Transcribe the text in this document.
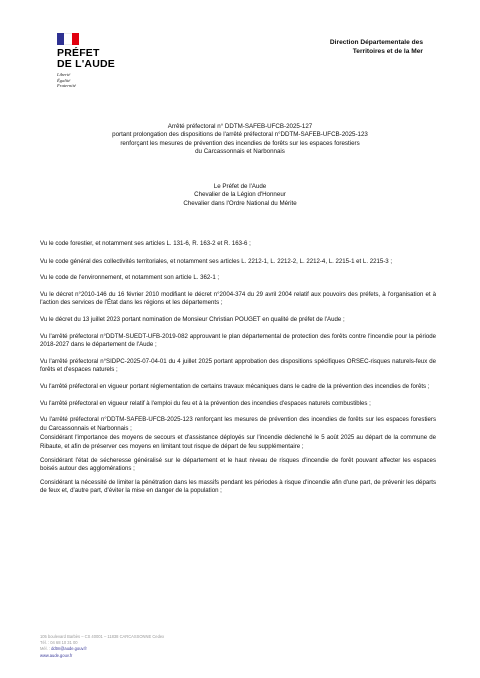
PRÉFET
DE L'AUDE
Liberté
Égalité
Fraternité
Direction Départementale des
Territoires et de la Mer
Arrêté préfectoral n° DDTM-SAFEB-UFCB-2025-127
portant prolongation des dispositions de l'arrêté préfectoral n°DDTM-SAFEB-UFCB-2025-123
renforçant les mesures de prévention des incendies de forêts sur les espaces forestiers
du Carcassonnais et Narbonnais
Le Préfet de l'Aude
Chevalier de la Légion d'Honneur
Chevalier dans l'Ordre National du Mérite

Vu le code forestier, et notamment ses articles L. 131-6, R. 163-2 et R. 163-6 ;

Vu le code général des collectivités territoriales, et notamment ses articles L. 2212-1, L. 2212-2, L. 2212-4, L. 2215-1 et L. 2215-3 ;

Vu le code de l'environnement, et notamment son article L. 362-1 ;

Vu le décret n°2010-146 du 16 février 2010 modifiant le décret n°2004-374 du 29 avril 2004 relatif aux pouvoirs des préfets, à l'organisation et à l'action des services de l'État dans les régions et les départements ;

Vu le décret du 13 juillet 2023 portant nomination de Monsieur Christian POUGET en qualité de préfet de l'Aude ;

Vu l'arrêté préfectoral n°DDTM-SUEDT-UFB-2019-082 approuvant le plan départemental de protection des forêts contre l'incendie pour la période 2018-2027 dans le département de l'Aude ;

Vu l'arrêté préfectoral n°SIDPC-2025-07-04-01 du 4 juillet 2025 portant approbation des dispositions spécifiques ORSEC-risques naturels-feux de forêts et d'espaces naturels ;

Vu l'arrêté préfectoral en vigueur portant réglementation de certains travaux mécaniques dans le cadre de la prévention des incendies de forêts ;

Vu l'arrêté préfectoral en vigueur relatif à l'emploi du feu et à la prévention des incendies d'espaces naturels combustibles ;

Vu l'arrêté préfectoral n°DDTM-SAFEB-UFCB-2025-123 renforçant les mesures de prévention des incendies de forêts sur les espaces forestiers du Carcassonnais et Narbonnais ;

Considérant l'importance des moyens de secours et d'assistance déployés sur l'incendie déclenché le 5 août 2025 au départ de la commune de Ribaute, et afin de préserver ces moyens en limitant tout risque de départ de feu supplémentaire ;

Considérant l'état de sécheresse généralisé sur le département et le haut niveau de risques d'incendie de forêt pouvant affecter les espaces boisés autour des agglomérations ;

Considérant la nécessité de limiter la pénétration dans les massifs pendant les périodes à risque d'incendie afin d'une part, de prévenir les départs de feux et, d'autre part, d'éviter la mise en danger de la population ;

105 boulevard Barbès – CS 40001 – 11838 CARCASSONNE Cedex
Tél. : 04 68 10 31 00
Mél. : ddtm@aude.gouv.fr
www.aude.gouv.fr
